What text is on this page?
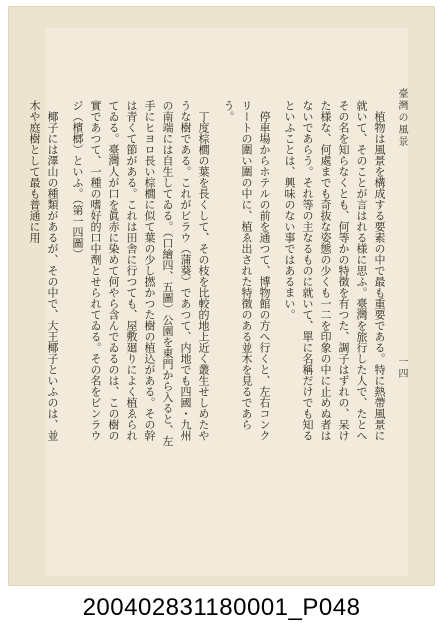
臺灣の風景
一四

植物は風景を構成する要素の中で最も重要である。特に熱帶風景に就いて、そのことが言はれる様に思ふ。臺灣を旅行した人で、たとへその名を知らなくとも、何等かの特徴を有つた、調子はずれの、呆けた様な、何處までも奇抜な姿態の少くも一二を印象の中に止めぬ者はないであらう。それ等の主なるものに就いて、單に名稱だけでも知るといふことは、興味のない事ではあるまい。

停車場からホテルの前を通つて、博物館の方へ行くと、左右コンクリートの圍い圍の中に、植ゑ出された特徴のある並木を見るであらう。

丁度棕櫚の葉を長くして、その枝を比較的地上近く叢生せしめたやうな樹である。これがビラウ（蒲葵）であつて、内地でも四國・九州の南端には自生してゐる。（口繪四、五圖）公園を東門から入ると、左手にヒヨロ長い棕櫚に似て葉の少し撚かつた樹の植込がある。その幹は青くて節がある。これは田舎に行つても、屋敷廻りによく植ゑられてゐる。臺灣人が口を眞赤に染めて何やら含んでゐるのは、この樹の實であつて、一種の嗜好的口中劑とせられてゐる。その名をビンラウジ（檳榔）といふ。（第一四圖）

椰子には澤山の種類があるが、その中で、大王椰子といふのは、並木や庭樹として最も普通に用

200402831180001_P048
